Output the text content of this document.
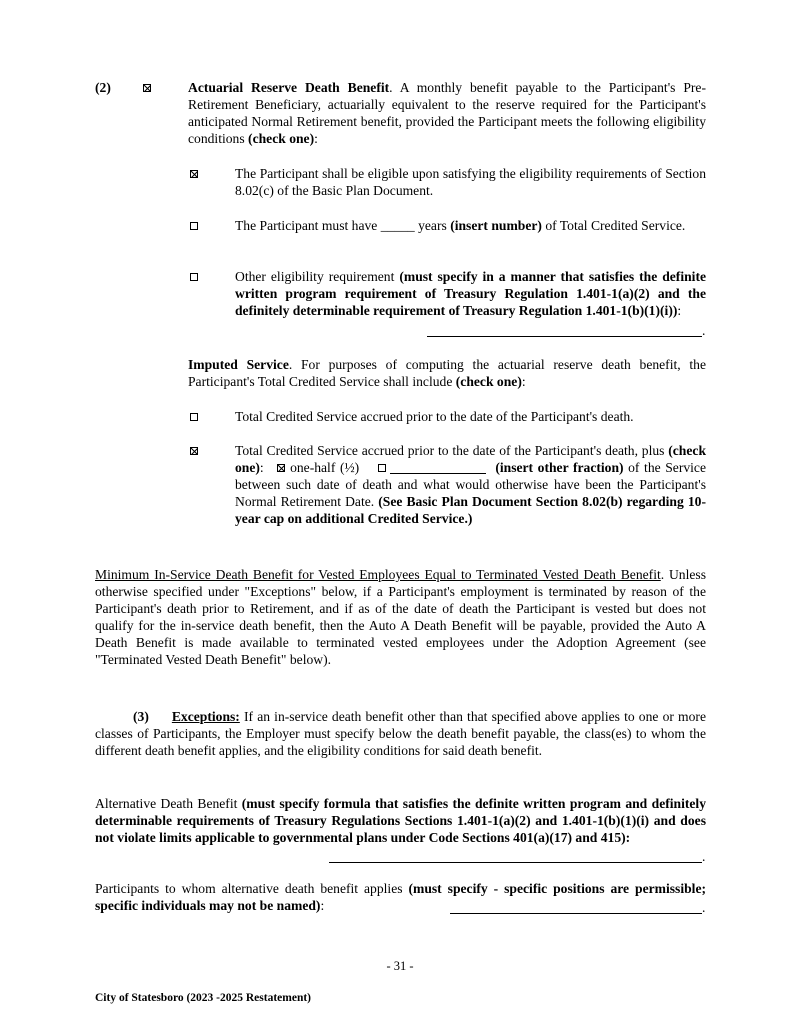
(2)	Actuarial Reserve Death Benefit. A monthly benefit payable to the Participant's Pre-Retirement Beneficiary, actuarially equivalent to the reserve required for the Participant's anticipated Normal Retirement benefit, provided the Participant meets the following eligibility conditions (check one):
The Participant shall be eligible upon satisfying the eligibility requirements of Section 8.02(c) of the Basic Plan Document.
The Participant must have _____ years (insert number) of Total Credited Service.
Other eligibility requirement (must specify in a manner that satisfies the definite written program requirement of Treasury Regulation 1.401-1(a)(2) and the definitely determinable requirement of Treasury Regulation 1.401-1(b)(1)(i)):
.
Imputed Service. For purposes of computing the actuarial reserve death benefit, the Participant's Total Credited Service shall include (check one):
Total Credited Service accrued prior to the date of the Participant's death.
Total Credited Service accrued prior to the date of the Participant's death, plus (check one): one-half (½)	(insert other fraction) of the Service between such date of death and what would otherwise have been the Participant's Normal Retirement Date. (See Basic Plan Document Section 8.02(b) regarding 10-year cap on additional Credited Service.)
Minimum In-Service Death Benefit for Vested Employees Equal to Terminated Vested Death Benefit. Unless otherwise specified under "Exceptions" below, if a Participant's employment is terminated by reason of the Participant's death prior to Retirement, and if as of the date of death the Participant is vested but does not qualify for the in-service death benefit, then the Auto A Death Benefit will be payable, provided the Auto A Death Benefit is made available to terminated vested employees under the Adoption Agreement (see "Terminated Vested Death Benefit" below).
(3) Exceptions: If an in-service death benefit other than that specified above applies to one or more classes of Participants, the Employer must specify below the death benefit payable, the class(es) to whom the different death benefit applies, and the eligibility conditions for said death benefit.
Alternative Death Benefit (must specify formula that satisfies the definite written program and definitely determinable requirements of Treasury Regulations Sections 1.401-1(a)(2) and 1.401-1(b)(1)(i) and does not violate limits applicable to governmental plans under Code Sections 401(a)(17) and 415):
.
Participants to whom alternative death benefit applies (must specify - specific positions are permissible; specific individuals may not be named):	.
- 31 -
City of Statesboro (2023 -2025 Restatement)
